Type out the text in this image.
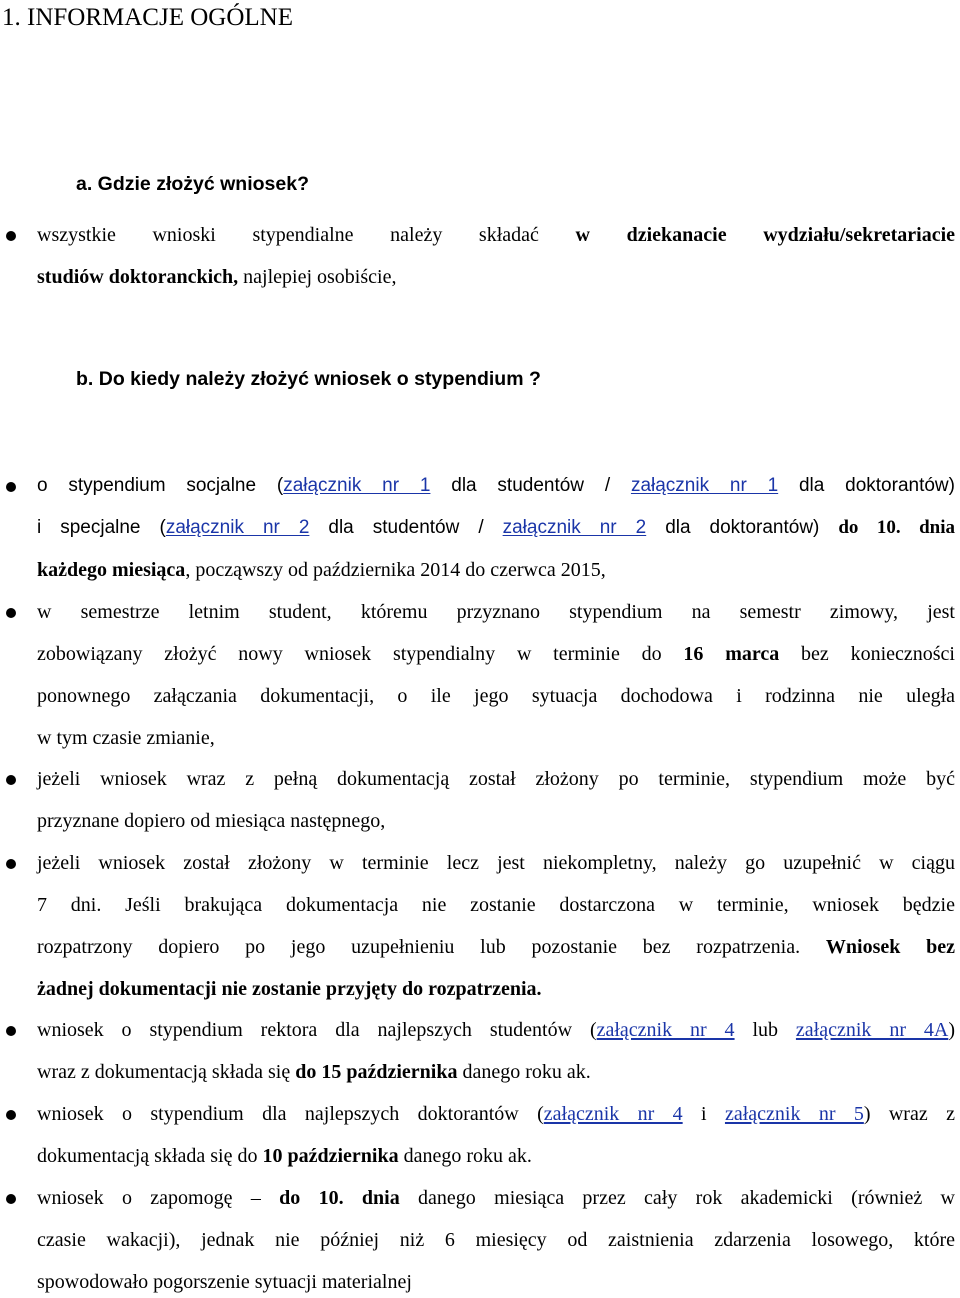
1. INFORMACJE OGÓLNE
a. Gdzie złożyć wniosek?
wszystkie wnioski stypendialne należy składać w dziekanacie wydziału/sekretariacie
studiów doktoranckich, najlepiej osobiście,
b. Do kiedy należy złożyć wniosek o stypendium ?
o stypendium socjalne (załącznik nr 1 dla studentów / załącznik nr 1 dla doktorantów)
i specjalne (załącznik nr 2 dla studentów / załącznik nr 2 dla doktorantów) do 10. dnia
każdego miesiąca, począwszy od października 2014 do czerwca 2015,
w semestrze letnim student, któremu przyznano stypendium na semestr zimowy, jest
zobowiązany złożyć nowy wniosek stypendialny w terminie do 16 marca bez konieczności
ponownego załączania dokumentacji, o ile jego sytuacja dochodowa i rodzinna nie uległa
w tym czasie zmianie,
jeżeli wniosek wraz z pełną dokumentacją został złożony po terminie, stypendium może być
przyznane dopiero od miesiąca następnego,
jeżeli wniosek został złożony w terminie lecz jest niekompletny, należy go uzupełnić w ciągu
7 dni. Jeśli brakująca dokumentacja nie zostanie dostarczona w terminie, wniosek będzie
rozpatrzony dopiero po jego uzupełnieniu lub pozostanie bez rozpatrzenia. Wniosek bez
żadnej dokumentacji nie zostanie przyjęty do rozpatrzenia.
wniosek o stypendium rektora dla najlepszych studentów (załącznik nr 4 lub załącznik nr 4A)
wraz z dokumentacją składa się do 15 października danego roku ak.
wniosek o stypendium dla najlepszych doktorantów (załącznik nr 4 i załącznik nr 5) wraz z
dokumentacją składa się do 10 października danego roku ak.
wniosek o zapomogę – do 10. dnia danego miesiąca przez cały rok akademicki (również w
czasie wakacji), jednak nie później niż 6 miesięcy od zaistnienia zdarzenia losowego, które
spowodowało pogorszenie sytuacji materialnej
